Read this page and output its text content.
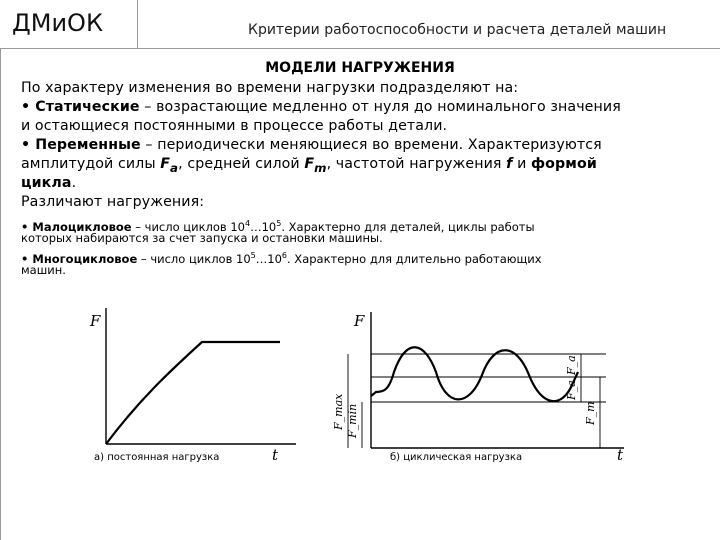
ДМиОК	Критерии работоспособности и расчета деталей машин
МОДЕЛИ НАГРУЖЕНИЯ
По характеру изменения во времени нагрузки подразделяют на:
• Статические – возрастающие медленно от нуля до номинального значения
и остающиеся постоянными в процессе работы детали.
• Переменные – периодически меняющиеся во времени. Характеризуются
амплитудой силы $F_a$, средней силой $F_m$, частотой нагружения f и формой
цикла.
Различают нагружения:
• Малоцикловое – число циклов $10^4\dots 10^5$. Характерно для деталей, циклы работы
которых набираются за счет запуска и остановки машины.
• Многоцикловое – число циклов $10^5\dots 10^6$. Характерно для длительно работающих
машин.
F
t
F
t
F_max F_min
F_a
F_a
F_m
а) постоянная нагрузка	б) циклическая нагрузка
